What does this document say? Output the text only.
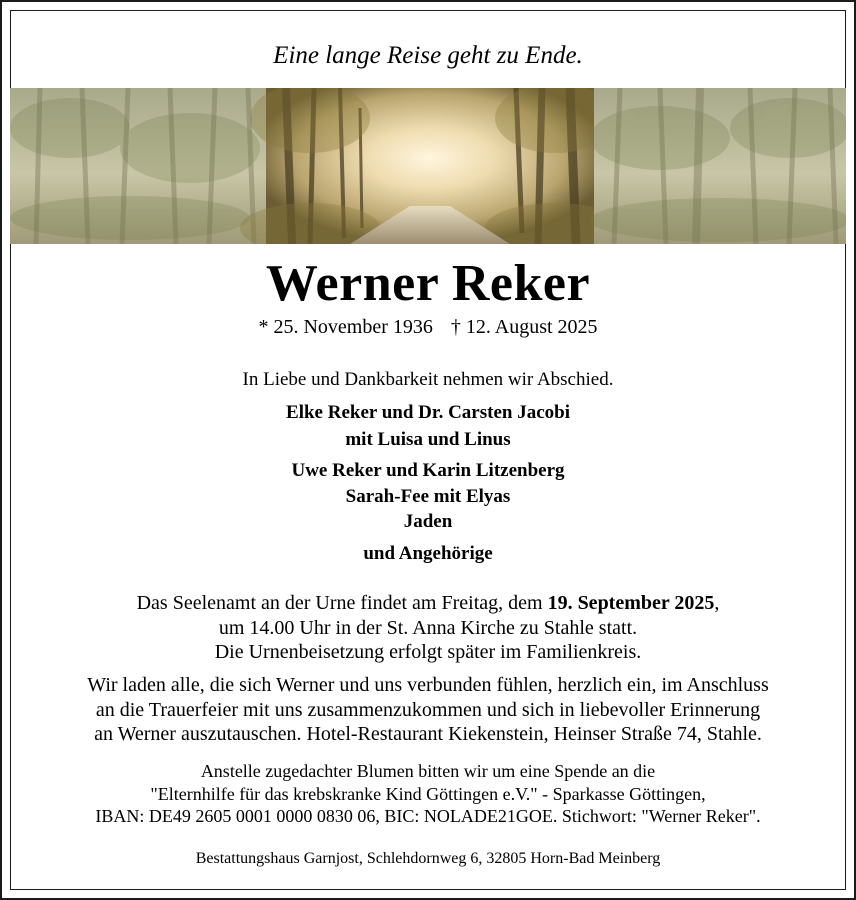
Eine lange Reise geht zu Ende.
Werner Reker
* 25. November 1936 † 12. August 2025
In Liebe und Dankbarkeit nehmen wir Abschied.
Elke Reker und Dr. Carsten Jacobi
mit Luisa und Linus
Uwe Reker und Karin Litzenberg
Sarah-Fee mit Elyas
Jaden
und Angehörige
Das Seelenamt an der Urne findet am Freitag, dem 19. September 2025,
um 14.00 Uhr in der St. Anna Kirche zu Stahle statt.
Die Urnenbeisetzung erfolgt später im Familienkreis.
Wir laden alle, die sich Werner und uns verbunden fühlen, herzlich ein, im Anschluss
an die Trauerfeier mit uns zusammenzukommen und sich in liebevoller Erinnerung
an Werner auszutauschen. Hotel-Restaurant Kiekenstein, Heinser Straße 74, Stahle.
Anstelle zugedachter Blumen bitten wir um eine Spende an die
"Elternhilfe für das krebskranke Kind Göttingen e.V." - Sparkasse Göttingen,
IBAN: DE49 2605 0001 0000 0830 06, BIC: NOLADE21GOE. Stichwort: "Werner Reker".
Bestattungshaus Garnjost, Schlehdornweg 6, 32805 Horn-Bad Meinberg
